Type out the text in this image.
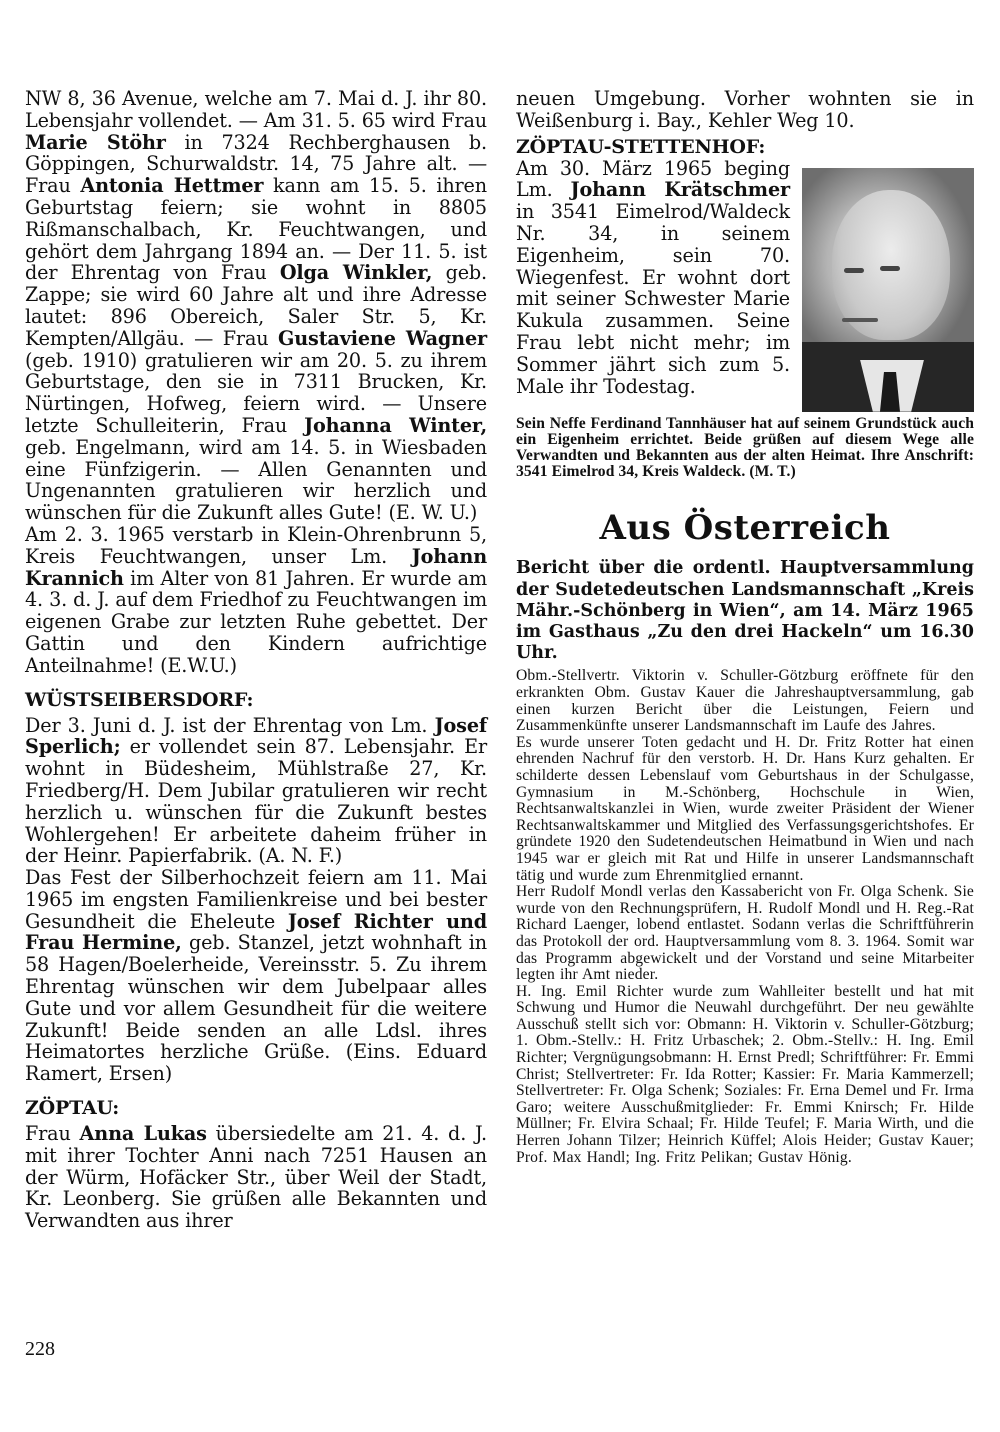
NW 8, 36 Avenue, welche am 7. Mai d. J. ihr 80. Lebensjahr vollendet. — Am 31. 5. 65 wird Frau Marie Stöhr in 7324 Rechberghausen b. Göppingen, Schurwaldstr. 14, 75 Jahre alt. — Frau Antonia Hettmer kann am 15. 5. ihren Geburtstag feiern; sie wohnt in 8805 Rißmanschalbach, Kr. Feuchtwangen, und gehört dem Jahrgang 1894 an. — Der 11. 5. ist der Ehrentag von Frau Olga Winkler, geb. Zappe; sie wird 60 Jahre alt und ihre Adresse lautet: 896 Obereich, Saler Str. 5, Kr. Kempten/Allgäu. — Frau Gustaviene Wagner (geb. 1910) gratulieren wir am 20. 5. zu ihrem Geburtstage, den sie in 7311 Brucken, Kr. Nürtingen, Hofweg, feiern wird. — Unsere letzte Schulleiterin, Frau Johanna Winter, geb. Engelmann, wird am 14. 5. in Wiesbaden eine Fünfzigerin. — Allen Genannten und Ungenannten gratulieren wir herzlich und wünschen für die Zukunft alles Gute! (E. W. U.)

Am 2. 3. 1965 verstarb in Klein-Ohrenbrunn 5, Kreis Feuchtwangen, unser Lm. Johann Krannich im Alter von 81 Jahren. Er wurde am 4. 3. d. J. auf dem Friedhof zu Feuchtwangen im eigenen Grabe zur letzten Ruhe gebettet. Der Gattin und den Kindern aufrichtige Anteilnahme! (E.W.U.)

WÜSTSEIBERSDORF:

Der 3. Juni d. J. ist der Ehrentag von Lm. Josef Sperlich; er vollendet sein 87. Lebensjahr. Er wohnt in Büdesheim, Mühlstraße 27, Kr. Friedberg/H. Dem Jubilar gratulieren wir recht herzlich u. wünschen für die Zukunft bestes Wohlergehen! Er arbeitete daheim früher in der Heinr. Papierfabrik. (A. N. F.)

Das Fest der Silberhochzeit feiern am 11. Mai 1965 im engsten Familienkreise und bei bester Gesundheit die Eheleute Josef Richter und Frau Hermine, geb. Stanzel, jetzt wohnhaft in 58 Hagen/Boelerheide, Vereinsstr. 5. Zu ihrem Ehrentag wünschen wir dem Jubelpaar alles Gute und vor allem Gesundheit für die weitere Zukunft! Beide senden an alle Ldsl. ihres Heimatortes herzliche Grüße. (Eins. Eduard Ramert, Ersen)

ZÖPTAU:

Frau Anna Lukas übersiedelte am 21. 4. d. J. mit ihrer Tochter Anni nach 7251 Hausen an der Würm, Hofäcker Str., über Weil der Stadt, Kr. Leonberg. Sie grüßen alle Bekannten und Verwandten aus ihrer

neuen Umgebung. Vorher wohnten sie in Weißenburg i. Bay., Kehler Weg 10.

ZÖPTAU-STETTENHOF:

Am 30. März 1965 beging Lm. Johann Krätschmer in 3541 Eimelrod/Waldeck Nr. 34, in seinem Eigenheim, sein 70. Wiegenfest. Er wohnt dort mit seiner Schwester Marie Kukula zusammen. Seine Frau lebt nicht mehr; im Sommer jährt sich zum 5. Male ihr Todestag.

Sein Neffe Ferdinand Tannhäuser hat auf seinem Grundstück auch ein Eigenheim errichtet. Beide grüßen auf diesem Wege alle Verwandten und Bekannten aus der alten Heimat. Ihre Anschrift: 3541 Eimelrod 34, Kreis Waldeck. (M. T.)

Aus Österreich

Bericht über die ordentl. Hauptversammlung der Sudetedeutschen Landsmannschaft „Kreis Mähr.-Schönberg in Wien“, am 14. März 1965 im Gasthaus „Zu den drei Hackeln“ um 16.30 Uhr.

Obm.-Stellvertr. Viktorin v. Schuller-Götzburg eröffnete für den erkrankten Obm. Gustav Kauer die Jahreshauptversammlung, gab einen kurzen Bericht über die Leistungen, Feiern und Zusammenkünfte unserer Landsmannschaft im Laufe des Jahres.

Es wurde unserer Toten gedacht und H. Dr. Fritz Rotter hat einen ehrenden Nachruf für den verstorb. H. Dr. Hans Kurz gehalten. Er schilderte dessen Lebenslauf vom Geburtshaus in der Schulgasse, Gymnasium in M.-Schönberg, Hochschule in Wien, Rechtsanwaltskanzlei in Wien, wurde zweiter Präsident der Wiener Rechtsanwaltskammer und Mitglied des Verfassungsgerichtshofes. Er gründete 1920 den Sudetendeutschen Heimatbund in Wien und nach 1945 war er gleich mit Rat und Hilfe in unserer Landsmannschaft tätig und wurde zum Ehrenmitglied ernannt.

Herr Rudolf Mondl verlas den Kassabericht von Fr. Olga Schenk. Sie wurde von den Rechnungsprüfern, H. Rudolf Mondl und H. Reg.-Rat Richard Laenger, lobend entlastet. Sodann verlas die Schriftführerin das Protokoll der ord. Hauptversammlung vom 8. 3. 1964. Somit war das Programm abgewickelt und der Vorstand und seine Mitarbeiter legten ihr Amt nieder.

H. Ing. Emil Richter wurde zum Wahlleiter bestellt und hat mit Schwung und Humor die Neuwahl durchgeführt. Der neu gewählte Ausschuß stellt sich vor: Obmann: H. Viktorin v. Schuller-Götzburg; 1. Obm.-Stellv.: H. Fritz Urbaschek; 2. Obm.-Stellv.: H. Ing. Emil Richter; Vergnügungsobmann: H. Ernst Predl; Schriftführer: Fr. Emmi Christ; Stellvertreter: Fr. Ida Rotter; Kassier: Fr. Maria Kammerzell; Stellvertreter: Fr. Olga Schenk; Soziales: Fr. Erna Demel und Fr. Irma Garo; weitere Ausschußmitglieder: Fr. Emmi Knirsch; Fr. Hilde Müllner; Fr. Elvira Schaal; Fr. Hilde Teufel; F. Maria Wirth, und die Herren Johann Tilzer; Heinrich Küffel; Alois Heider; Gustav Kauer; Prof. Max Handl; Ing. Fritz Pelikan; Gustav Hönig.

228
